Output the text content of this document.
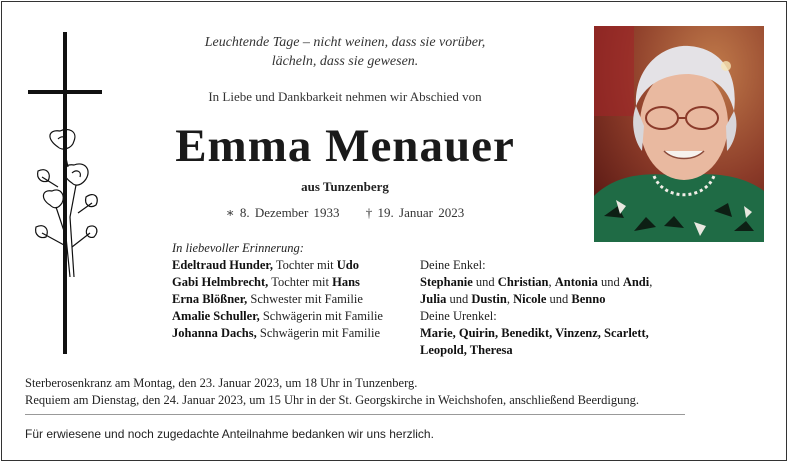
Leuchtende Tage – nicht weinen, dass sie vorüber,
lächeln, dass sie gewesen.
In Liebe und Dankbarkeit nehmen wir Abschied von
Emma Menauer
aus Tunzenberg
∗ 8. Dezember 1933 † 19. Januar 2023
In liebevoller Erinnerung:
Edeltraud Hunder, Tochter mit Udo
Gabi Helmbrecht, Tochter mit Hans
Erna Blößner, Schwester mit Familie
Amalie Schuller, Schwägerin mit Familie
Johanna Dachs, Schwägerin mit Familie
Deine Enkel:
Stephanie und Christian, Antonia und Andi,
Julia und Dustin, Nicole und Benno
Deine Urenkel:
Marie, Quirin, Benedikt, Vinzenz, Scarlett,
Leopold, Theresa
Sterberosenkranz am Montag, den 23. Januar 2023, um 18 Uhr in Tunzenberg.
Requiem am Dienstag, den 24. Januar 2023, um 15 Uhr in der St. Georgskirche in Weichshofen, anschließend Beerdigung.
Für erwiesene und noch zugedachte Anteilnahme bedanken wir uns herzlich.
